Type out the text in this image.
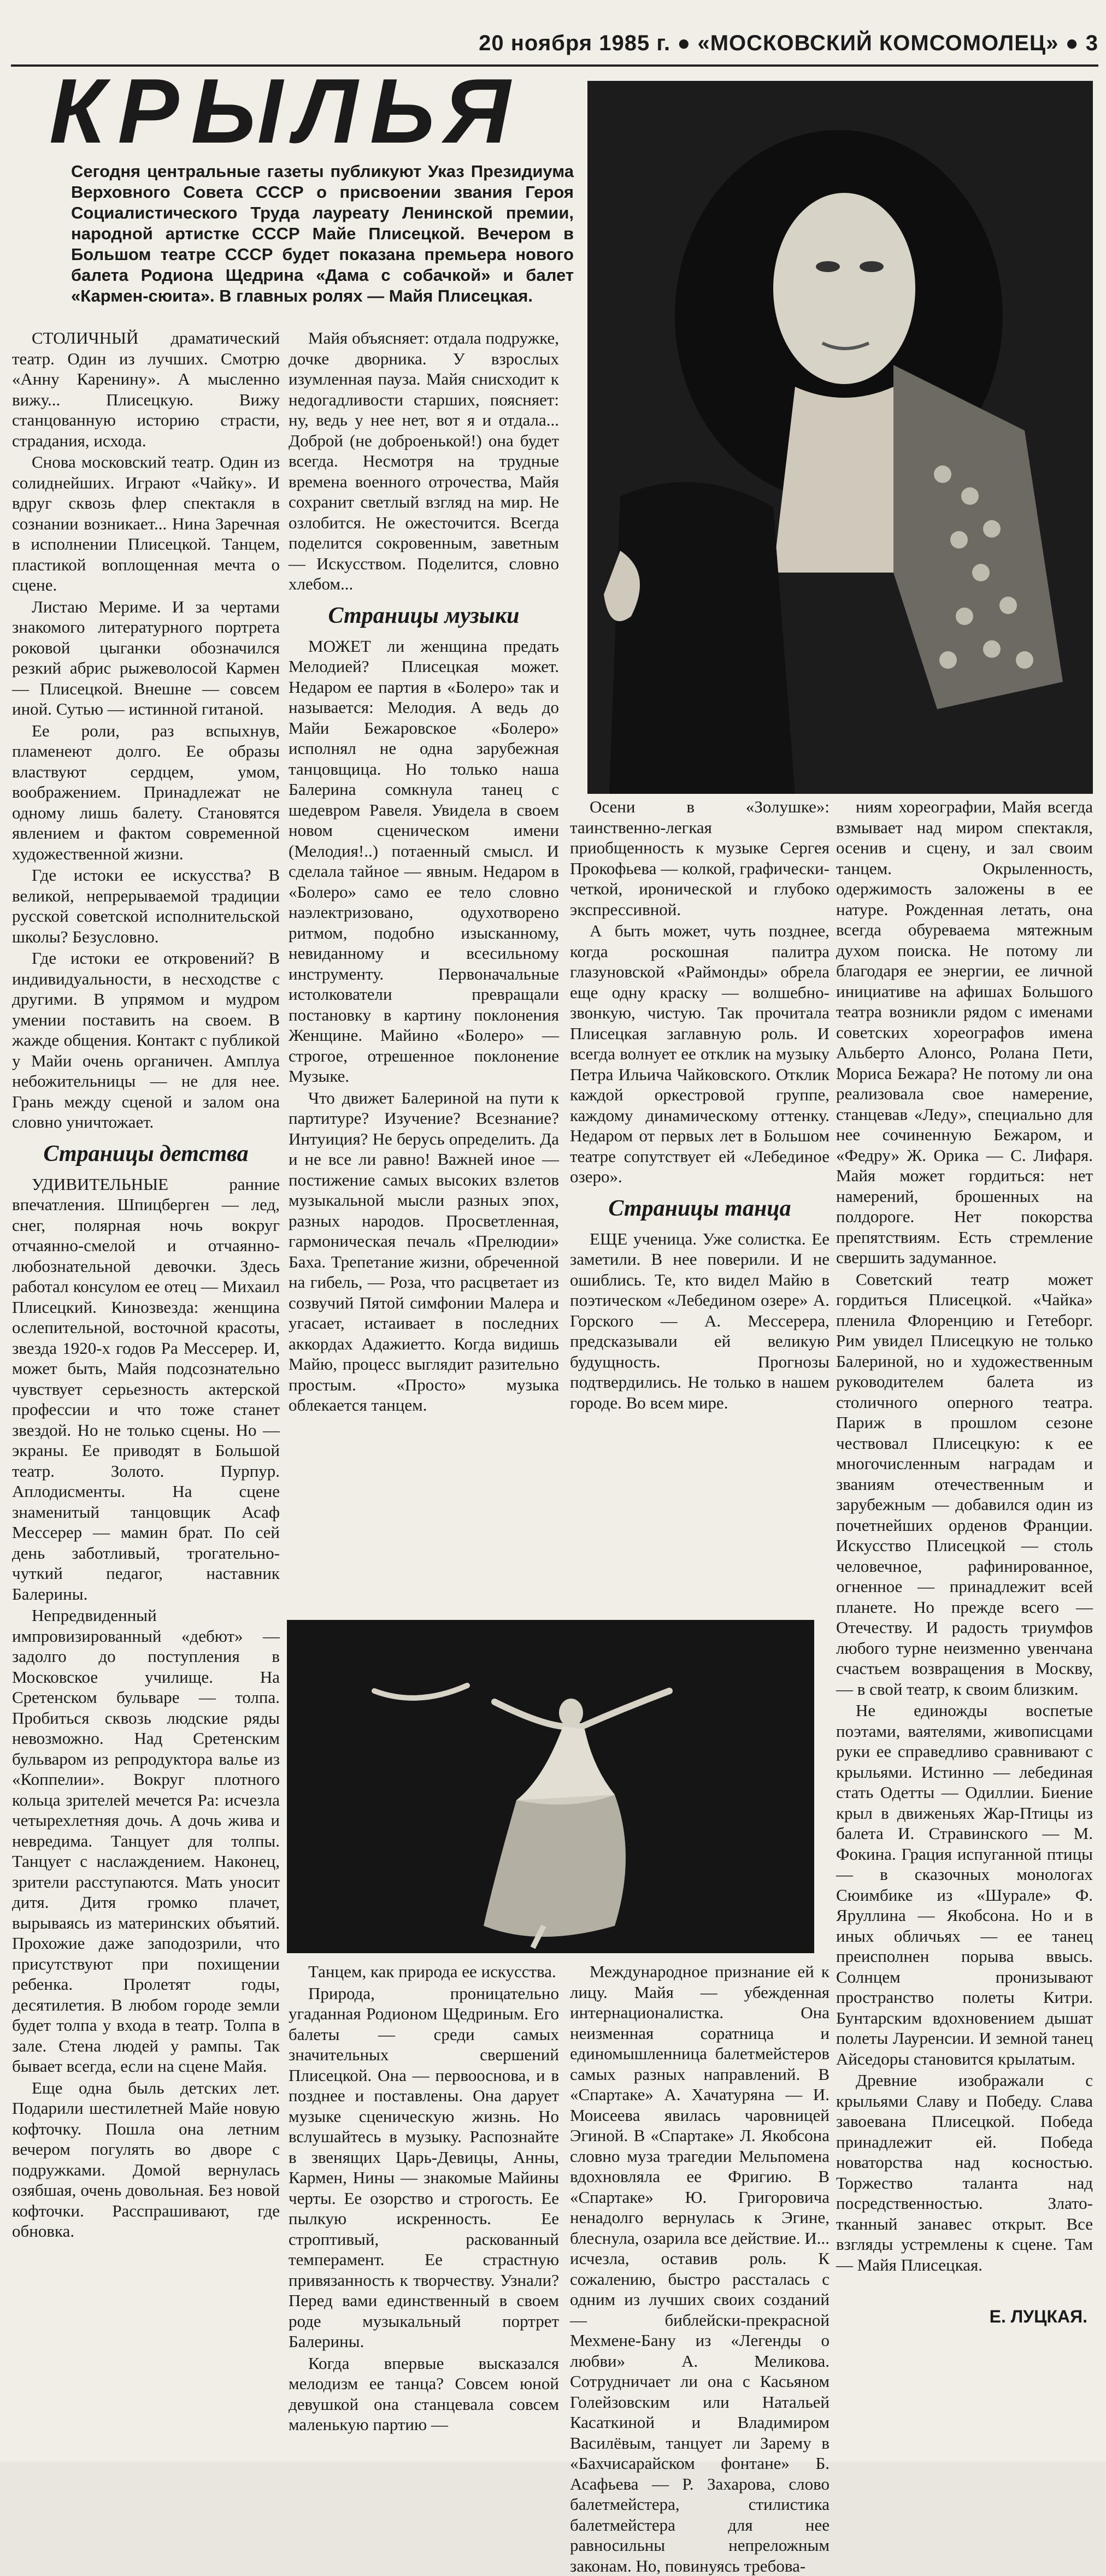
20 ноября 1985 г. ● «МОСКОВСКИЙ КОМСОМОЛЕЦ» ● 3
КРЫЛЬЯ

Сегодня центральные газеты публикуют Указ Президиума Верховного Совета СССР о присвоении звания Героя Социалистического Труда лауреату Ленинской премии, народной артистке СССР Майе Плисецкой. Вечером в Большом театре СССР будет показана премьера нового балета Родиона Щедрина «Дама с собачкой» и балет «Кармен-сюита». В главных ролях — Майя Плисецкая.

СТОЛИЧНЫЙ драматический театр. Один из лучших. Смотрю «Анну Каренину». А мысленно вижу... Плисецкую. Вижу станцованную историю страсти, страдания, исхода.

Снова московский театр. Один из солиднейших. Играют «Чайку». И вдруг сквозь флер спектакля в сознании возникает... Нина Заречная в исполнении Плисецкой. Танцем, пластикой воплощенная мечта о сцене.

Листаю Мериме. И за чертами знакомого литературного портрета роковой цыганки обозначился резкий абрис рыжеволосой Кармен — Плисецкой. Внешне — совсем иной. Сутью — истинной гитаной.

Ее роли, раз вспыхнув, пламенеют долго. Ее образы властвуют сердцем, умом, воображением. Принадлежат не одному лишь балету. Становятся явлением и фактом современной художественной жизни.

Где истоки ее искусства? В великой, непрерываемой традиции русской советской исполнительской школы? Безусловно.

Где истоки ее откровений? В индивидуальности, в несходстве с другими. В упрямом и мудром умении поставить на своем. В жажде общения. Контакт с публикой у Майи очень органичен. Амплуа небожительницы — не для нее. Грань между сценой и залом она словно уничтожает.

Страницы детства

УДИВИТЕЛЬНЫЕ ранние впечатления. Шпицберген — лед, снег, полярная ночь вокруг отчаянно-смелой и отчаянно-любознательной девочки. Здесь работал консулом ее отец — Михаил Плисецкий. Кинозвезда: женщина ослепительной, восточной красоты, звезда 1920-х годов Ра Мессерер. И, может быть, Майя подсознательно чувствует серьезность актерской профессии и что тоже станет звездой. Но не только сцены. Но — экраны. Ее приводят в Большой театр. Золото. Пурпур. Аплодисменты. На сцене знаменитый танцовщик Асаф Мессерер — мамин брат. По сей день заботливый, трогательно-чуткий педагог, наставник Балерины.

Непредвиденный импровизированный «дебют» — задолго до поступления в Московское училище. На Сретенском бульваре — толпа. Пробиться сквозь людские ряды невозможно. Над Сретенским бульваром из репродуктора валье из «Коппелии». Вокруг плотного кольца зрителей мечется Ра: исчезла четырехлетняя дочь. А дочь жива и невредима. Танцует для толпы. Танцует с наслаждением. Наконец, зрители расступаются. Мать уносит дитя. Дитя громко плачет, вырываясь из материнских объятий. Прохожие даже заподозрили, что присутствуют при похищении ребенка. Пролетят годы, десятилетия. В любом городе земли будет толпа у входа в театр. Толпа в зале. Стена людей у рампы. Так бывает всегда, если на сцене Майя.

Еще одна быль детских лет. Подарили шестилетней Майе новую кофточку. Пошла она летним вечером погулять во дворе с подружками. Домой вернулась озябшая, очень довольная. Без новой кофточки. Расспрашивают, где обновка.

Майя объясняет: отдала подружке, дочке дворника. У взрослых изумленная пауза. Майя снисходит к недогадливости старших, поясняет: ну, ведь у нее нет, вот я и отдала... Доброй (не доброенькой!) она будет всегда. Несмотря на трудные времена военного отрочества, Майя сохранит светлый взгляд на мир. Не озлобится. Не ожесточится. Всегда поделится сокровенным, заветным — Искусством. Поделится, словно хлебом...

Страницы музыки

МОЖЕТ ли женщина предать Мелодией? Плисецкая может. Недаром ее партия в «Болеро» так и называется: Мелодия. А ведь до Майи Бежаровское «Болеро» исполнял не одна зарубежная танцовщица. Но только наша Балерина сомкнула танец с шедевром Равеля. Увидела в своем новом сценическом имени (Мелодия!..) потаенный смысл. И сделала тайное — явным. Недаром в «Болеро» само ее тело словно наэлектризовано, одухотворено ритмом, подобно изысканному, невиданному и всесильному инструменту. Первоначальные истолкователи превращали постановку в картину поклонения Женщине. Майино «Болеро» — строгое, отрешенное поклонение Музыке.

Что движет Балериной на пути к партитуре? Изучение? Всезнание? Интуиция? Не берусь определить. Да и не все ли равно! Важней иное — постижение самых высоких взлетов музыкальной мысли разных эпох, разных народов. Просветленная, гармоническая печаль «Прелюдии» Баха. Трепетание жизни, обреченной на гибель, — Роза, что расцветает из созвучий Пятой симфонии Малера и угасает, истаивает в последних аккордах Адажиетто. Когда видишь Майю, процесс выглядит разительно простым. «Просто» музыка облекается танцем.

Танцем, как природа ее искусства.

Природа, проницательно угаданная Родионом Щедриным. Его балеты — среди самых значительных свершений Плисецкой. Она — первооснова, и в позднее и поставлены. Она дарует музыке сценическую жизнь. Но вслушайтесь в музыку. Распознайте в звенящих Царь-Девицы, Анны, Кармен, Нины — знакомые Майины черты. Ее озорство и строгость. Ее пылкую искренность. Ее строптивый, раскованный темперамент. Ее страстную привязанность к творчеству. Узнали? Перед вами единственный в своем роде музыкальный портрет Балерины.

Когда впервые высказался мелодизм ее танца? Совсем юной девушкой она станцевала совсем маленькую партию —

Осени в «Золушке»: таинственно-легкая приобщенность к музыке Сергея Прокофьева — колкой, графически-четкой, иронической и глубоко экспрессивной.

А быть может, чуть позднее, когда роскошная палитра глазуновской «Раймонды» обрела еще одну краску — волшебно-звонкую, чистую. Так прочитала Плисецкая заглавную роль. И всегда волнует ее отклик на музыку Петра Ильича Чайковского. Отклик каждой оркестровой группе, каждому динамическому оттенку. Недаром от первых лет в Большом театре сопутствует ей «Лебединое озеро».

Страницы танца

ЕЩЕ ученица. Уже солистка. Ее заметили. В нее поверили. И не ошиблись. Те, кто видел Майю в поэтическом «Лебедином озере» А. Горского — А. Мессерера, предсказывали ей великую будущность. Прогнозы подтвердились. Не только в нашем городе. Во всем мире.

Международное признание ей к лицу. Майя — убежденная интернационалистка. Она неизменная соратница и единомышленница балетмейстеров самых разных направлений. В «Спартаке» А. Хачатуряна — И. Моисеева явилась чаровницей Эгиной. В «Спартаке» Л. Якобсона словно муза трагедии Мельпомена вдохновляла ее Фригию. В «Спартаке» Ю. Григоровича ненадолго вернулась к Эгине, блеснула, озарила все действие. И... исчезла, оставив роль. К сожалению, быстро рассталась с одним из лучших своих созданий — библейски-прекрасной Мехмене-Бану из «Легенды о любви» А. Меликова. Сотрудничает ли она с Касьяном Голейзовским или Натальей Касаткиной и Владимиром Василёвым, танцует ли Зарему в «Бахчисарайском фонтане» Б. Асафьева — Р. Захарова, слово балетмейстера, стилистика балетмейстера для нее равносильны непреложным законам. Но, повинуясь требова-

ниям хореографии, Майя всегда взмывает над миром спектакля, осенив и сцену, и зал своим танцем. Окрыленность, одержимость заложены в ее натуре. Рожденная летать, она всегда обуреваема мятежным духом поиска. Не потому ли благодаря ее энергии, ее личной инициативе на афишах Большого театра возникли рядом с именами советских хореографов имена Альберто Алонсо, Ролана Пети, Мориса Бежара? Не потому ли она реализовала свое намерение, станцевав «Леду», специально для нее сочиненную Бежаром, и «Федру» Ж. Орика — С. Лифаря. Майя может гордиться: нет намерений, брошенных на полдороге. Нет покорства препятствиям. Есть стремление свершить задуманное.

Советский театр может гордиться Плисецкой. «Чайка» пленила Флоренцию и Гетеборг. Рим увидел Плисецкую не только Балериной, но и художественным руководителем балета из столичного оперного театра. Париж в прошлом сезоне чествовал Плисецкую: к ее многочисленным наградам и званиям отечественным и зарубежным — добавился один из почетнейших орденов Франции. Искусство Плисецкой — столь человечное, рафинированное, огненное — принадлежит всей планете. Но прежде всего — Отечеству. И радость триумфов любого турне неизменно увенчана счастьем возвращения в Москву, — в свой театр, к своим близким.

Не единожды воспетые поэтами, ваятелями, живописцами руки ее справедливо сравнивают с крыльями. Истинно — лебединая стать Одетты — Одиллии. Биение крыл в движеньях Жар-Птицы из балета И. Стравинского — М. Фокина. Грация испуганной птицы — в сказочных монологах Сюимбике из «Шурале» Ф. Яруллина — Якобсона. Но и в иных обличьях — ее танец преисполнен порыва ввысь. Солнцем пронизывают пространство полеты Китри. Бунтарским вдохновением дышат полеты Лауренсии. И земной танец Айседоры становится крылатым.

Древние изображали с крыльями Славу и Победу. Слава завоевана Плисецкой. Победа принадлежит ей. Победа новаторства над косностью. Торжество таланта над посредственностью. Злато-тканный занавес открыт. Все взгляды устремлены к сцене. Там — Майя Плисецкая.

Е. ЛУЦКАЯ.
